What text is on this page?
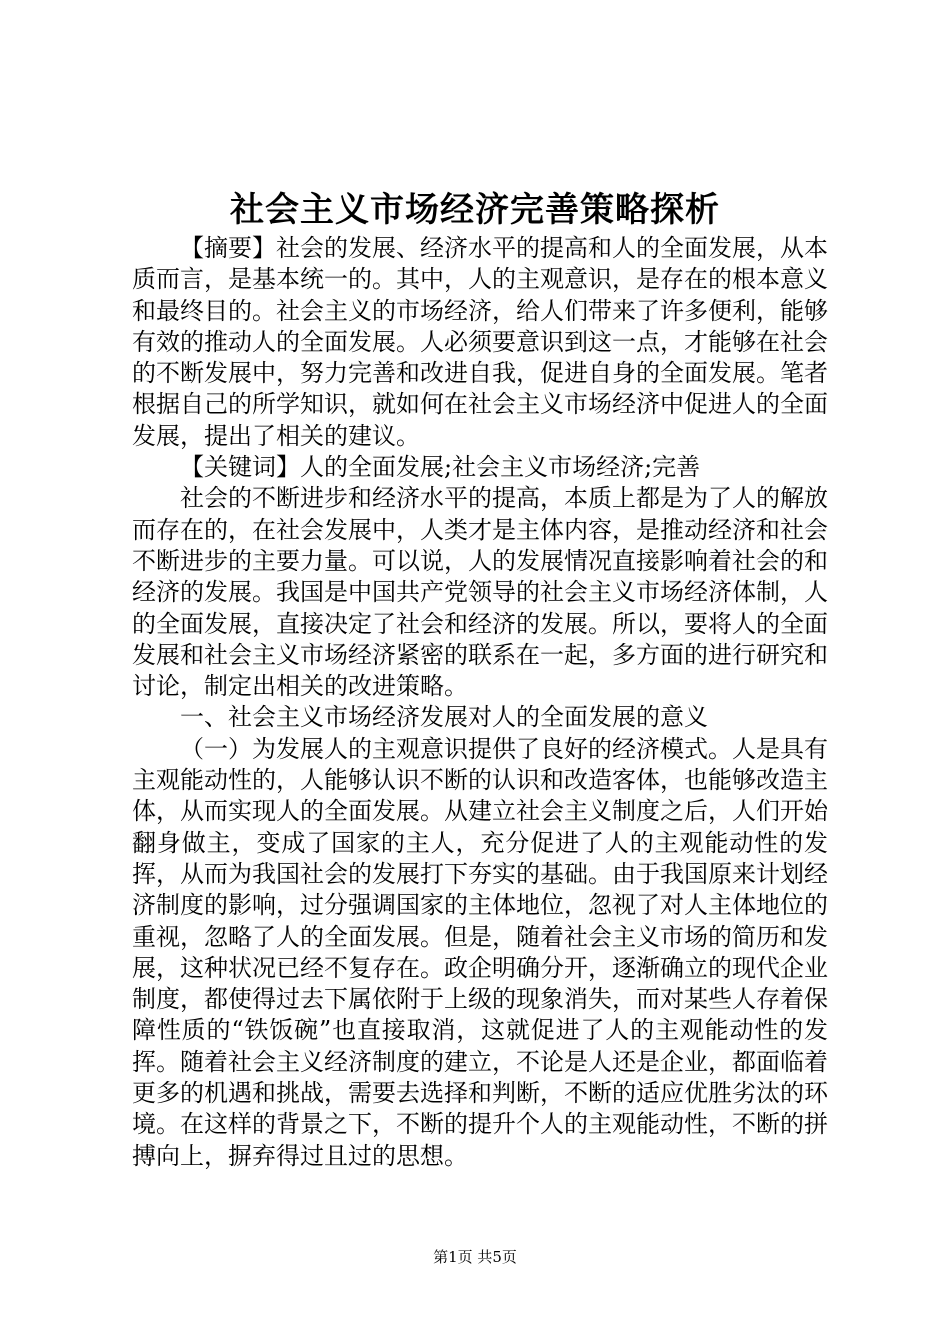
社会主义市场经济完善策略探析

【摘要】社会的发展、经济水平的提高和人的全面发展，从本质而言，是基本统一的。其中，人的主观意识，是存在的根本意义和最终目的。社会主义的市场经济，给人们带来了许多便利，能够有效的推动人的全面发展。人必须要意识到这一点，才能够在社会的不断发展中，努力完善和改进自我，促进自身的全面发展。笔者根据自己的所学知识，就如何在社会主义市场经济中促进人的全面发展，提出了相关的建议。

【关键词】人的全面发展;社会主义市场经济;完善

社会的不断进步和经济水平的提高，本质上都是为了人的解放而存在的，在社会发展中，人类才是主体内容，是推动经济和社会不断进步的主要力量。可以说，人的发展情况直接影响着社会的和经济的发展。我国是中国共产党领导的社会主义市场经济体制，人的全面发展，直接决定了社会和经济的发展。所以，要将人的全面发展和社会主义市场经济紧密的联系在一起，多方面的进行研究和讨论，制定出相关的改进策略。

一、社会主义市场经济发展对人的全面发展的意义

（一）为发展人的主观意识提供了良好的经济模式。人是具有主观能动性的，人能够认识不断的认识和改造客体，也能够改造主体，从而实现人的全面发展。从建立社会主义制度之后，人们开始翻身做主，变成了国家的主人，充分促进了人的主观能动性的发挥，从而为我国社会的发展打下夯实的基础。由于我国原来计划经济制度的影响，过分强调国家的主体地位，忽视了对人主体地位的重视，忽略了人的全面发展。但是，随着社会主义市场的简历和发展，这种状况已经不复存在。政企明确分开，逐渐确立的现代企业制度，都使得过去下属依附于上级的现象消失，而对某些人存着保障性质的“铁饭碗”也直接取消，这就促进了人的主观能动性的发挥。随着社会主义经济制度的建立，不论是人还是企业，都面临着更多的机遇和挑战，需要去选择和判断，不断的适应优胜劣汰的环境。在这样的背景之下，不断的提升个人的主观能动性，不断的拼搏向上，摒弃得过且过的思想。

第1页 共5页
